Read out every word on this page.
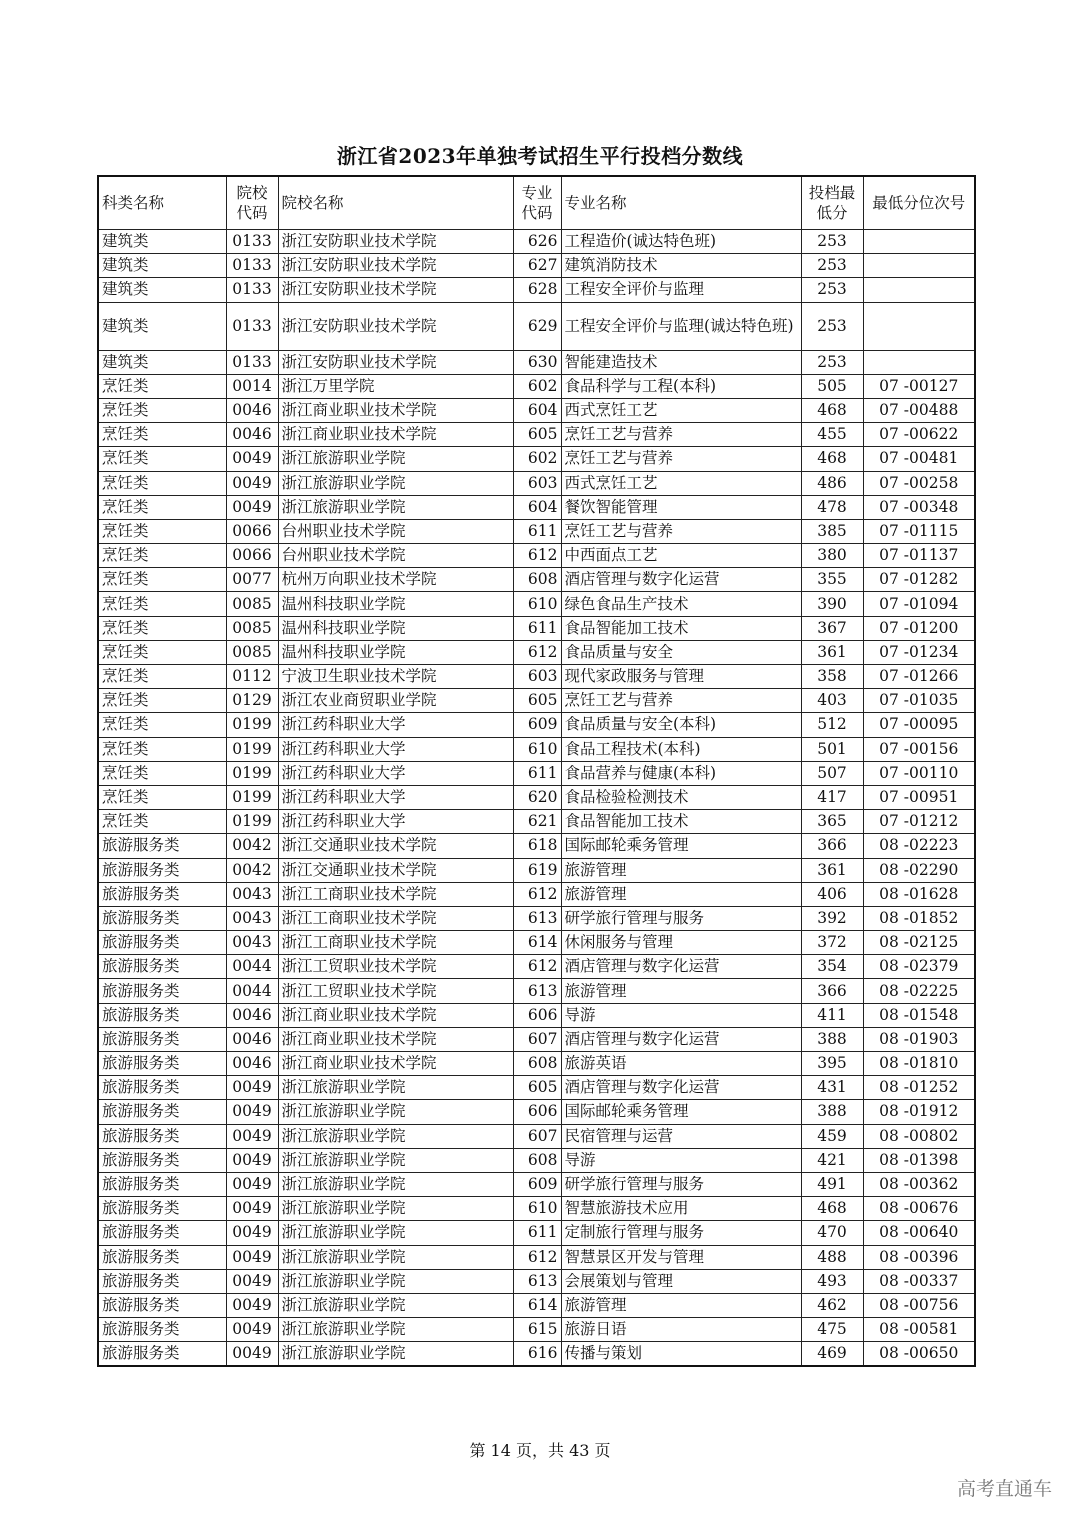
浙江省2023年单独考试招生平行投档分数线
科类名称	院校代码	院校名称	专业代码	专业名称	投档最低分	最低分位次号
建筑类	0133	浙江安防职业技术学院	626	工程造价(诚达特色班)	253	
建筑类	0133	浙江安防职业技术学院	627	建筑消防技术	253	
建筑类	0133	浙江安防职业技术学院	628	工程安全评价与监理	253	
建筑类	0133	浙江安防职业技术学院	629	工程安全评价与监理(诚达特色班)	253	
建筑类	0133	浙江安防职业技术学院	630	智能建造技术	253	
烹饪类	0014	浙江万里学院	602	食品科学与工程(本科)	505	07 -00127
烹饪类	0046	浙江商业职业技术学院	604	西式烹饪工艺	468	07 -00488
烹饪类	0046	浙江商业职业技术学院	605	烹饪工艺与营养	455	07 -00622
烹饪类	0049	浙江旅游职业学院	602	烹饪工艺与营养	468	07 -00481
烹饪类	0049	浙江旅游职业学院	603	西式烹饪工艺	486	07 -00258
烹饪类	0049	浙江旅游职业学院	604	餐饮智能管理	478	07 -00348
烹饪类	0066	台州职业技术学院	611	烹饪工艺与营养	385	07 -01115
烹饪类	0066	台州职业技术学院	612	中西面点工艺	380	07 -01137
烹饪类	0077	杭州万向职业技术学院	608	酒店管理与数字化运营	355	07 -01282
烹饪类	0085	温州科技职业学院	610	绿色食品生产技术	390	07 -01094
烹饪类	0085	温州科技职业学院	611	食品智能加工技术	367	07 -01200
烹饪类	0085	温州科技职业学院	612	食品质量与安全	361	07 -01234
烹饪类	0112	宁波卫生职业技术学院	603	现代家政服务与管理	358	07 -01266
烹饪类	0129	浙江农业商贸职业学院	605	烹饪工艺与营养	403	07 -01035
烹饪类	0199	浙江药科职业大学	609	食品质量与安全(本科)	512	07 -00095
烹饪类	0199	浙江药科职业大学	610	食品工程技术(本科)	501	07 -00156
烹饪类	0199	浙江药科职业大学	611	食品营养与健康(本科)	507	07 -00110
烹饪类	0199	浙江药科职业大学	620	食品检验检测技术	417	07 -00951
烹饪类	0199	浙江药科职业大学	621	食品智能加工技术	365	07 -01212
旅游服务类	0042	浙江交通职业技术学院	618	国际邮轮乘务管理	366	08 -02223
旅游服务类	0042	浙江交通职业技术学院	619	旅游管理	361	08 -02290
旅游服务类	0043	浙江工商职业技术学院	612	旅游管理	406	08 -01628
旅游服务类	0043	浙江工商职业技术学院	613	研学旅行管理与服务	392	08 -01852
旅游服务类	0043	浙江工商职业技术学院	614	休闲服务与管理	372	08 -02125
旅游服务类	0044	浙江工贸职业技术学院	612	酒店管理与数字化运营	354	08 -02379
旅游服务类	0044	浙江工贸职业技术学院	613	旅游管理	366	08 -02225
旅游服务类	0046	浙江商业职业技术学院	606	导游	411	08 -01548
旅游服务类	0046	浙江商业职业技术学院	607	酒店管理与数字化运营	388	08 -01903
旅游服务类	0046	浙江商业职业技术学院	608	旅游英语	395	08 -01810
旅游服务类	0049	浙江旅游职业学院	605	酒店管理与数字化运营	431	08 -01252
旅游服务类	0049	浙江旅游职业学院	606	国际邮轮乘务管理	388	08 -01912
旅游服务类	0049	浙江旅游职业学院	607	民宿管理与运营	459	08 -00802
旅游服务类	0049	浙江旅游职业学院	608	导游	421	08 -01398
旅游服务类	0049	浙江旅游职业学院	609	研学旅行管理与服务	491	08 -00362
旅游服务类	0049	浙江旅游职业学院	610	智慧旅游技术应用	468	08 -00676
旅游服务类	0049	浙江旅游职业学院	611	定制旅行管理与服务	470	08 -00640
旅游服务类	0049	浙江旅游职业学院	612	智慧景区开发与管理	488	08 -00396
旅游服务类	0049	浙江旅游职业学院	613	会展策划与管理	493	08 -00337
旅游服务类	0049	浙江旅游职业学院	614	旅游管理	462	08 -00756
旅游服务类	0049	浙江旅游职业学院	615	旅游日语	475	08 -00581
旅游服务类	0049	浙江旅游职业学院	616	传播与策划	469	08 -00650
第 14 页，共 43 页
高考直通车
